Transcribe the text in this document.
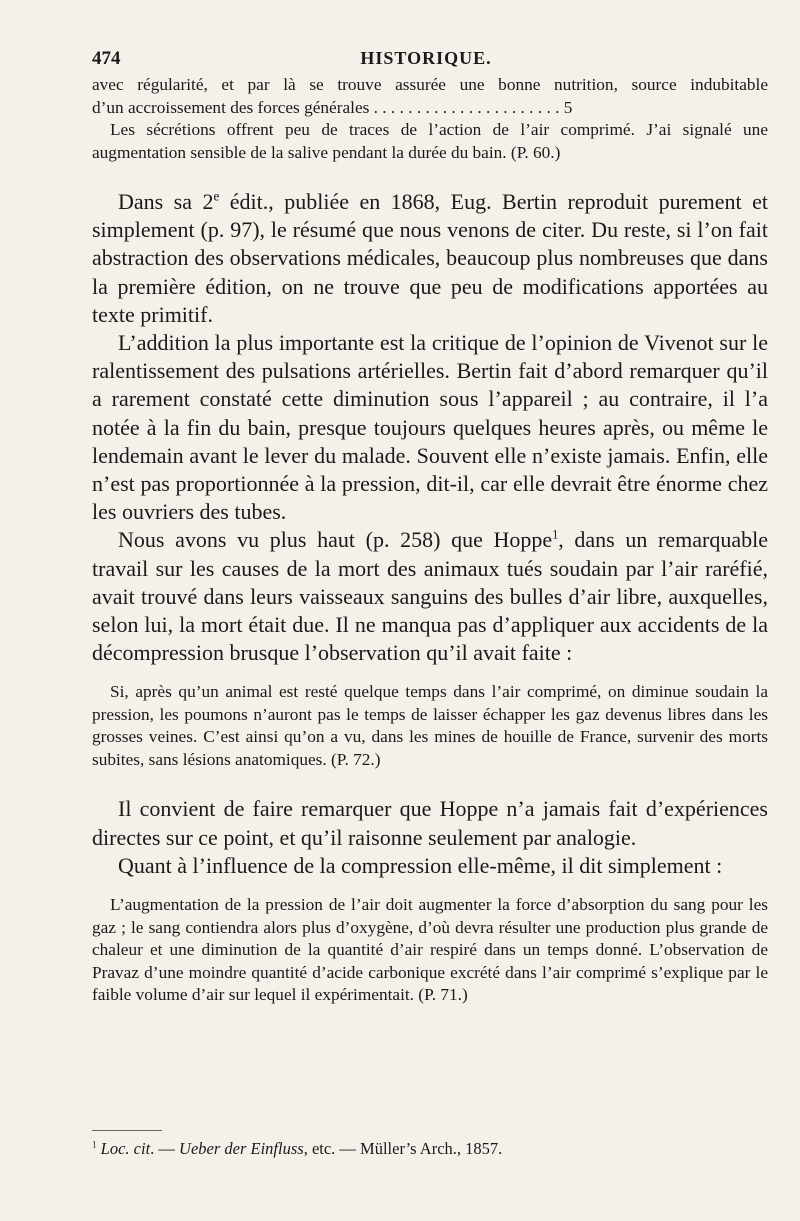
474	HISTORIQUE.

avec régularité, et par là se trouve assurée une bonne nutrition, source indubitable
d’un accroissement des forces générales . . . . . . . . . . . . . . . . . . . . . . 5

Les sécrétions offrent peu de traces de l’action de l’air comprimé. J’ai signalé une augmentation sensible de la salive pendant la durée du bain. (P. 60.)

Dans sa 2e édit., publiée en 1868, Eug. Bertin reproduit purement et simplement (p. 97), le résumé que nous venons de citer. Du reste, si l’on fait abstraction des observations médicales, beaucoup plus nombreuses que dans la première édition, on ne trouve que peu de modifications apportées au texte primitif.

L’addition la plus importante est la critique de l’opinion de Vivenot sur le ralentissement des pulsations artérielles. Bertin fait d’abord remarquer qu’il a rarement constaté cette diminution sous l’appareil ; au contraire, il l’a notée à la fin du bain, presque toujours quelques heures après, ou même le lendemain avant le lever du malade. Souvent elle n’existe jamais. Enfin, elle n’est pas proportionnée à la pression, dit-il, car elle devrait être énorme chez les ouvriers des tubes.

Nous avons vu plus haut (p. 258) que Hoppe$^1$, dans un remarquable travail sur les causes de la mort des animaux tués soudain par l’air raréfié, avait trouvé dans leurs vaisseaux sanguins des bulles d’air libre, auxquelles, selon lui, la mort était due. Il ne manqua pas d’appliquer aux accidents de la décompression brusque l’observation qu’il avait faite :

Si, après qu’un animal est resté quelque temps dans l’air comprimé, on diminue soudain la pression, les poumons n’auront pas le temps de laisser échapper les gaz devenus libres dans les grosses veines. C’est ainsi qu’on a vu, dans les mines de houille de France, survenir des morts subites, sans lésions anatomiques. (P. 72.)

Il convient de faire remarquer que Hoppe n’a jamais fait d’expériences directes sur ce point, et qu’il raisonne seulement par analogie.

Quant à l’influence de la compression elle-même, il dit simplement :

L’augmentation de la pression de l’air doit augmenter la force d’absorption du sang pour les gaz ; le sang contiendra alors plus d’oxygène, d’où devra résulter une production plus grande de chaleur et une diminution de la quantité d’air respiré dans un temps donné. L’observation de Pravaz d’une moindre quantité d’acide carbonique excrété dans l’air comprimé s’explique par le faible volume d’air sur lequel il expérimentait. (P. 71.)

$^1$ Loc. cit. — Ueber der Einfluss, etc. — Müller’s Arch., 1857.
